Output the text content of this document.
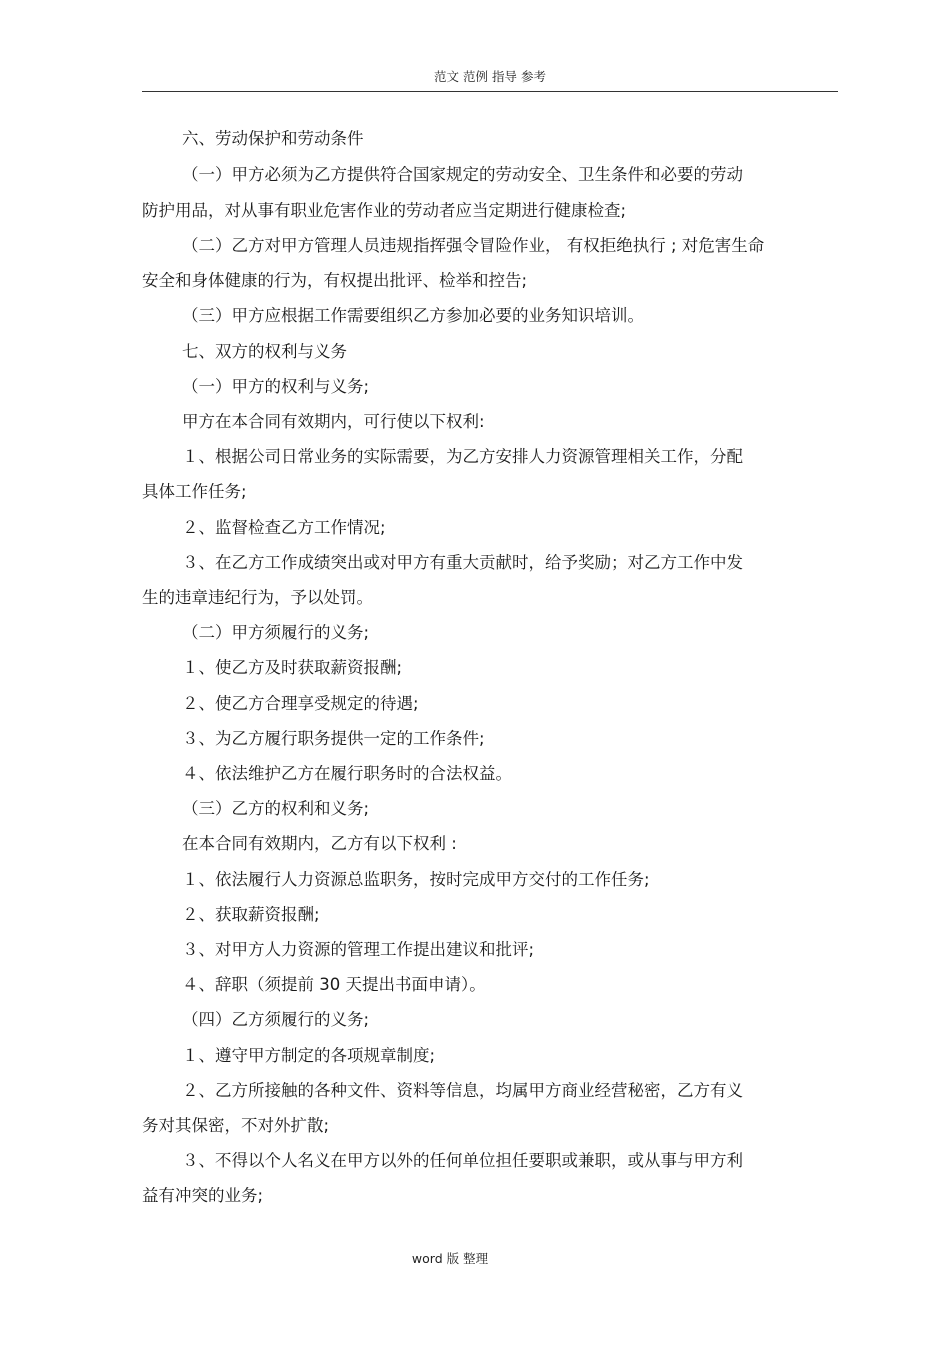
范文 范例 指导 参考
六、劳动保护和劳动条件
（一）甲方必须为乙方提供符合国家规定的劳动安全、卫生条件和必要的劳动
防护用品，对从事有职业危害作业的劳动者应当定期进行健康检查;
（二）乙方对甲方管理人员违规指挥强令冒险作业， 有权拒绝执行 ; 对危害生命
安全和身体健康的行为，有权提出批评、检举和控告;
（三）甲方应根据工作需要组织乙方参加必要的业务知识培训。
七、双方的权利与义务
（一）甲方的权利与义务;
甲方在本合同有效期内，可行使以下权利:
１、根据公司日常业务的实际需要，为乙方安排人力资源管理相关工作，分配
具体工作任务;
２、监督检查乙方工作情况;
３、在乙方工作成绩突出或对甲方有重大贡献时，给予奖励；对乙方工作中发
生的违章违纪行为，予以处罚。
（二）甲方须履行的义务;
１、使乙方及时获取薪资报酬;
２、使乙方合理享受规定的待遇;
３、为乙方履行职务提供一定的工作条件;
４、依法维护乙方在履行职务时的合法权益。
（三）乙方的权利和义务;
在本合同有效期内，乙方有以下权利 :
１、依法履行人力资源总监职务，按时完成甲方交付的工作任务;
２、获取薪资报酬;
３、对甲方人力资源的管理工作提出建议和批评;
４、辞职（须提前 30 天提出书面申请）。
（四）乙方须履行的义务;
１、遵守甲方制定的各项规章制度;
２、乙方所接触的各种文件、资料等信息，均属甲方商业经营秘密，乙方有义
务对其保密，不对外扩散;
３、不得以个人名义在甲方以外的任何单位担任要职或兼职，或从事与甲方利
益有冲突的业务;
word 版 整理
